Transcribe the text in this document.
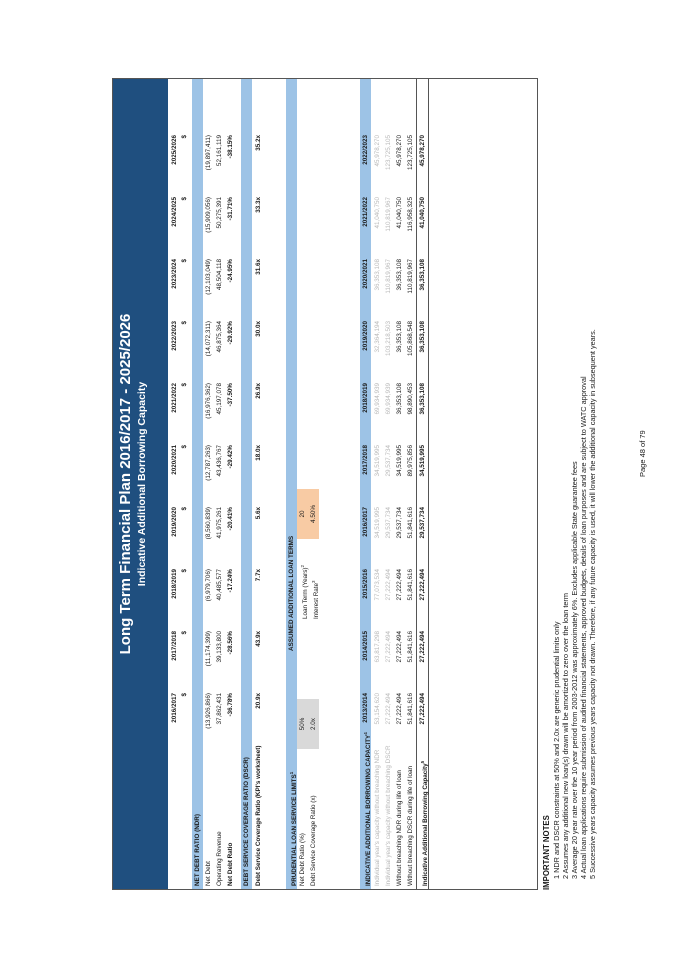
Long Term Financial Plan 2016/2017 - 2025/2026 Indicative Additional Borrowing Capacity
2016/2017
2017/2018
2018/2019
2019/2020
2020/2021
2021/2022
2022/2023
2023/2024
2024/2025
2025/2026
$
$
$
$
$
$
$
$
$
$
NET DEBT RATIO (NDR) Net Debt
(13,926,866)
(11,174,399)
(6,979,706)
(8,560,839)
(12,787,263)
(16,976,362)
(14,072,311)
(12,103,049)
(15,909,056)
(19,897,411)
Operating Revenue
37,862,431
39,133,800
40,485,577
41,975,261
43,436,767
45,197,078
46,875,364
48,504,118
50,275,391
52,161,119
Net Debt Ratio
-36.78%
-28.56%
-17.24%
-20.41%
-29.42%
-37.50%
-29.92%
-24.95%
-31.71%
-38.15%
DEBT SERVICE COVERAGE RATIO (DSCR) Debt Service Coverage Ratio (KPI's worksheet)
20.9x
43.9x
7.7x
5.6x
18.0x
26.9x
30.0x
31.6x
33.3x
35.2x
PRUDENTIAL LOAN SERVICE LIMITS$^1$
ASSUMED ADDITIONAL LOAN TERMS
Net Debt Ratio (%)
50%
Loan Term (Years)$^2$
20
Debt Service Coverage Ratio (x)
2.0x
Interest Rate$^3$
4.50%
INDICATIVE ADDITIONAL BORROWING CAPACITY$^4$
2013/2014
2014/2015
2015/2016
2016/2017
2017/2018
2018/2019
2019/2020
2020/2021
2021/2022
2022/2023
Individual year's capacity without breaching NDR
53,154,620
63,817,298
77,073,534
34,519,995
34,519,995
69,934,939
32,364,194
36,353,108
41,040,750
45,978,270
Individual year's capacity without breaching DSCR
27,222,494
27,222,494
27,222,494
29,537,734
29,537,734
69,934,939
103,218,503
110,819,967
110,819,967
123,725,105
Without breaching NDR during life of loan
27,222,494
27,222,494
27,222,494
29,537,734
34,519,995
36,353,108
36,353,108
36,353,108
41,040,750
45,978,270
Without breaching DSCR during life of loan
51,841,616
51,841,616
51,841,616
51,841,616
89,975,856
98,890,453
105,868,548
110,819,967
116,958,325
123,725,105
Indicative Additional Borrowing Capacity$^5$
27,222,494
27,222,494
27,222,494
29,537,734
34,519,995
36,353,108
36,353,108
36,353,108
41,040,750
45,978,270
IMPORTANT NOTES 1 NDR and DSCR constraints at 50% and 2.0x are generic prudential limits only 2 Assumes any additional new loan(s) drawn will be amortized to zero over the loan term 3 Average 20 year rate over the 10 year period from 2003-2012 was approximately 6%. Excludes applicable State guarantee fees 4 Actual loan applications require submission of audited financial statements, approved budgets, details of loan purposes and are subject to WATC approval 5 Successive years capacity assumes previous years capacity not drawn. Therefore, if any future capacity is used, it will lower the additional capacity in subsequent years.	Page 48 of 79
